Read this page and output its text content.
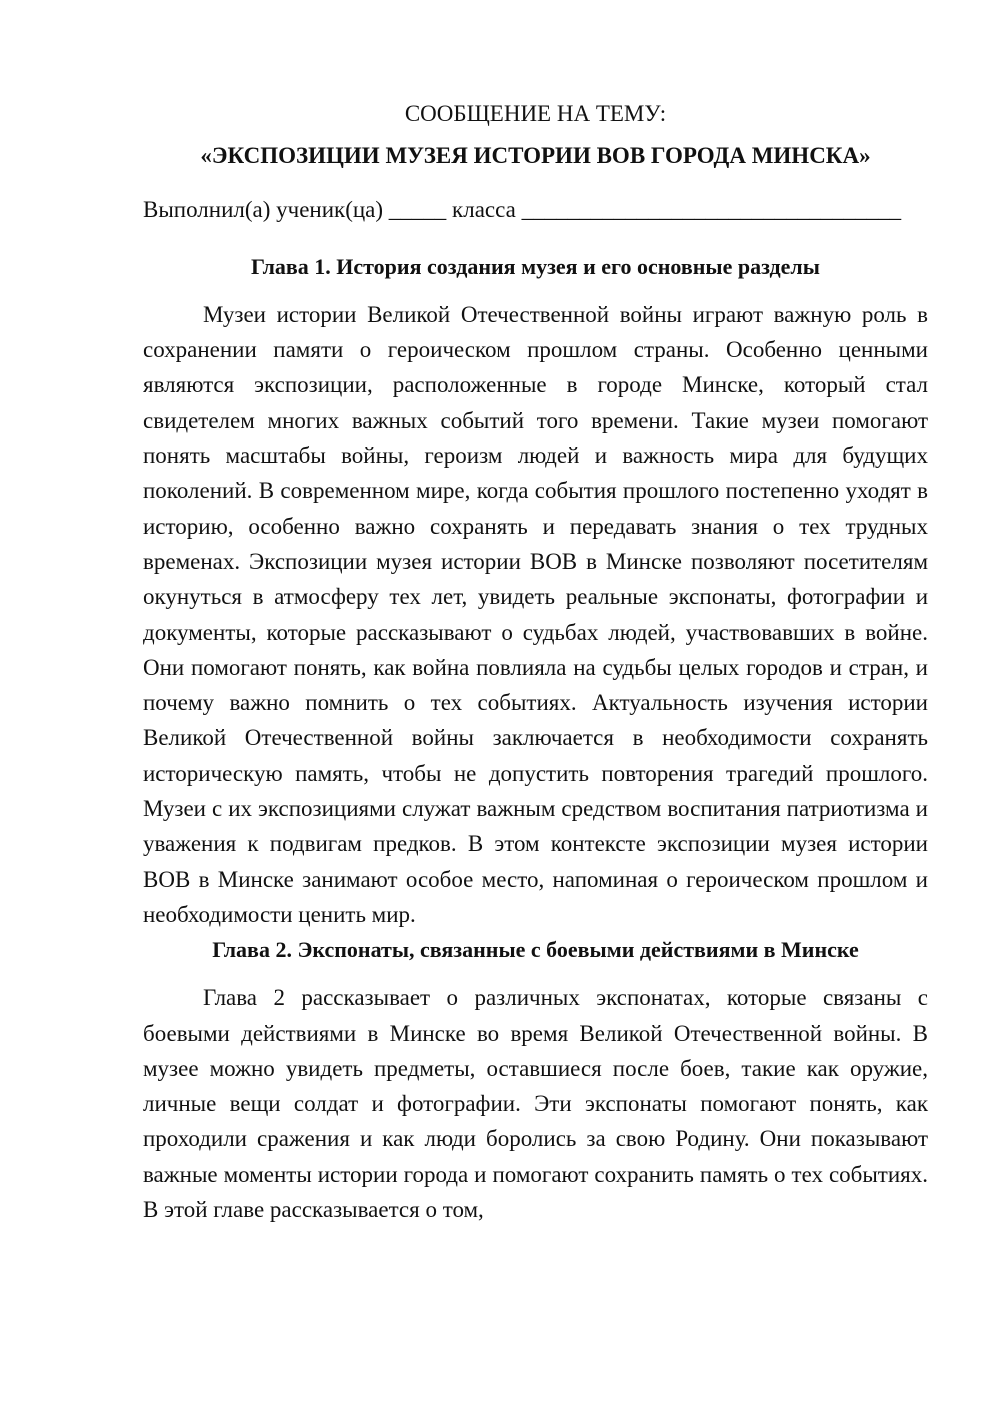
СООБЩЕНИЕ НА ТЕМУ:

«ЭКСПОЗИЦИИ МУЗЕЯ ИСТОРИИ ВОВ ГОРОДА МИНСКА»

Выполнил(а) ученик(ца) _____ класса _________________________________

Глава 1. История создания музея и его основные разделы

Музеи истории Великой Отечественной войны играют важную роль в сохранении памяти о героическом прошлом страны. Особенно ценными являются экспозиции, расположенные в городе Минске, который стал свидетелем многих важных событий того времени. Такие музеи помогают понять масштабы войны, героизм людей и важность мира для будущих поколений. В современном мире, когда события прошлого постепенно уходят в историю, особенно важно сохранять и передавать знания о тех трудных временах. Экспозиции музея истории ВОВ в Минске позволяют посетителям окунуться в атмосферу тех лет, увидеть реальные экспонаты, фотографии и документы, которые рассказывают о судьбах людей, участвовавших в войне. Они помогают понять, как война повлияла на судьбы целых городов и стран, и почему важно помнить о тех событиях. Актуальность изучения истории Великой Отечественной войны заключается в необходимости сохранять историческую память, чтобы не допустить повторения трагедий прошлого. Музеи с их экспозициями служат важным средством воспитания патриотизма и уважения к подвигам предков. В этом контексте экспозиции музея истории ВОВ в Минске занимают особое место, напоминая о героическом прошлом и необходимости ценить мир.

Глава 2. Экспонаты, связанные с боевыми действиями в Минске

Глава 2 рассказывает о различных экспонатах, которые связаны с боевыми действиями в Минске во время Великой Отечественной войны. В музее можно увидеть предметы, оставшиеся после боев, такие как оружие, личные вещи солдат и фотографии. Эти экспонаты помогают понять, как проходили сражения и как люди боролись за свою Родину. Они показывают важные моменты истории города и помогают сохранить память о тех событиях. В этой главе рассказывается о том,
